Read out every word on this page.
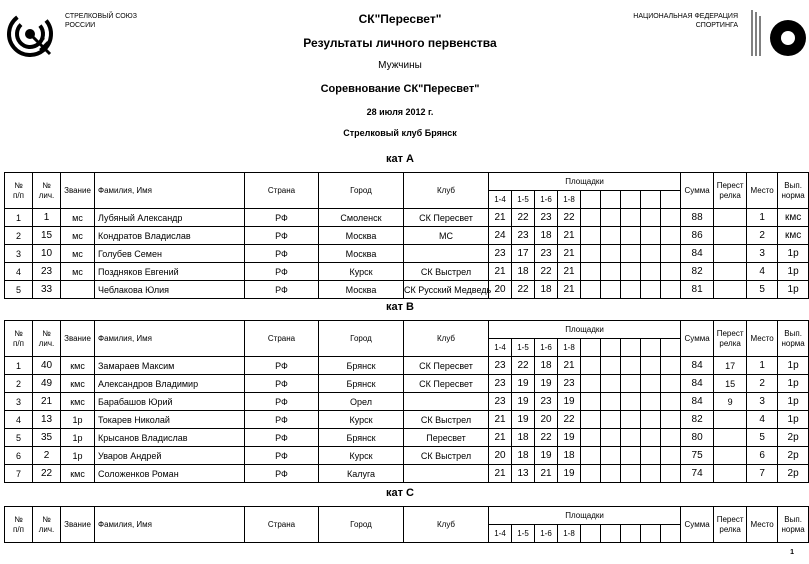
СТРЕЛКОВЫЙ СОЮЗ
РОССИИ
НАЦИОНАЛЬНАЯ ФЕДЕРАЦИЯ
СПОРТИНГА
СК"Пересвет"
Результаты личного первенства
Мужчины
Соревнование СК"Пересвет"
28 июля 2012 г.
Стрелковый клуб Брянск
кат А
№
п/п	№
лич.	Звание	Фамилия, Имя	Страна	Город	Клуб	Площадки									Сумма	Перест
релка	Место	Вып.
норма
							1-4	1-5	1-6	1-8									
1	1	мс	Лубяный Александр	РФ	Смоленск	СК Пересвет	21	22	23	22						88		1	кмс
2	15	мс	Кондратов Владислав	РФ	Москва	МС	24	23	18	21						86		2	кмс
3	10	мс	Голубев Семен	РФ	Москва		23	17	23	21						84		3	1р
4	23	мс	Поздняков Евгений	РФ	Курск	СК Выстрел	21	18	22	21						82		4	1р
5	33		Чеблакова Юлия	РФ	Москва	СК Русский Медведь	20	22	18	21						81		5	1р
кат В
№
п/п	№
лич.	Звание	Фамилия, Имя	Страна	Город	Клуб	Площадки									Сумма	Перест
релка	Место	Вып.
норма
							1-4	1-5	1-6	1-8									
1	40	кмс	Замараев Максим	РФ	Брянск	СК Пересвет	23	22	18	21						84	17	1	1р
2	49	кмс	Александров Владимир	РФ	Брянск	СК Пересвет	23	19	19	23						84	15	2	1р
3	21	кмс	Барабашов Юрий	РФ	Орел		23	19	23	19						84	9	3	1р
4	13	1р	Токарев Николай	РФ	Курск	СК Выстрел	21	19	20	22						82		4	1р
5	35	1р	Крысанов Владислав	РФ	Брянск	Пересвет	21	18	22	19						80		5	2р
6	2	1р	Уваров Андрей	РФ	Курск	СК Выстрел	20	18	19	18						75		6	2р
7	22	кмс	Соложенков Роман	РФ	Калуга		21	13	21	19						74		7	2р
кат С
№
п/п	№
лич.	Звание	Фамилия, Имя	Страна	Город	Клуб	Площадки									Сумма	Перест
релка	Место	Вып.
норма
							1-4	1-5	1-6	1-8									
1
